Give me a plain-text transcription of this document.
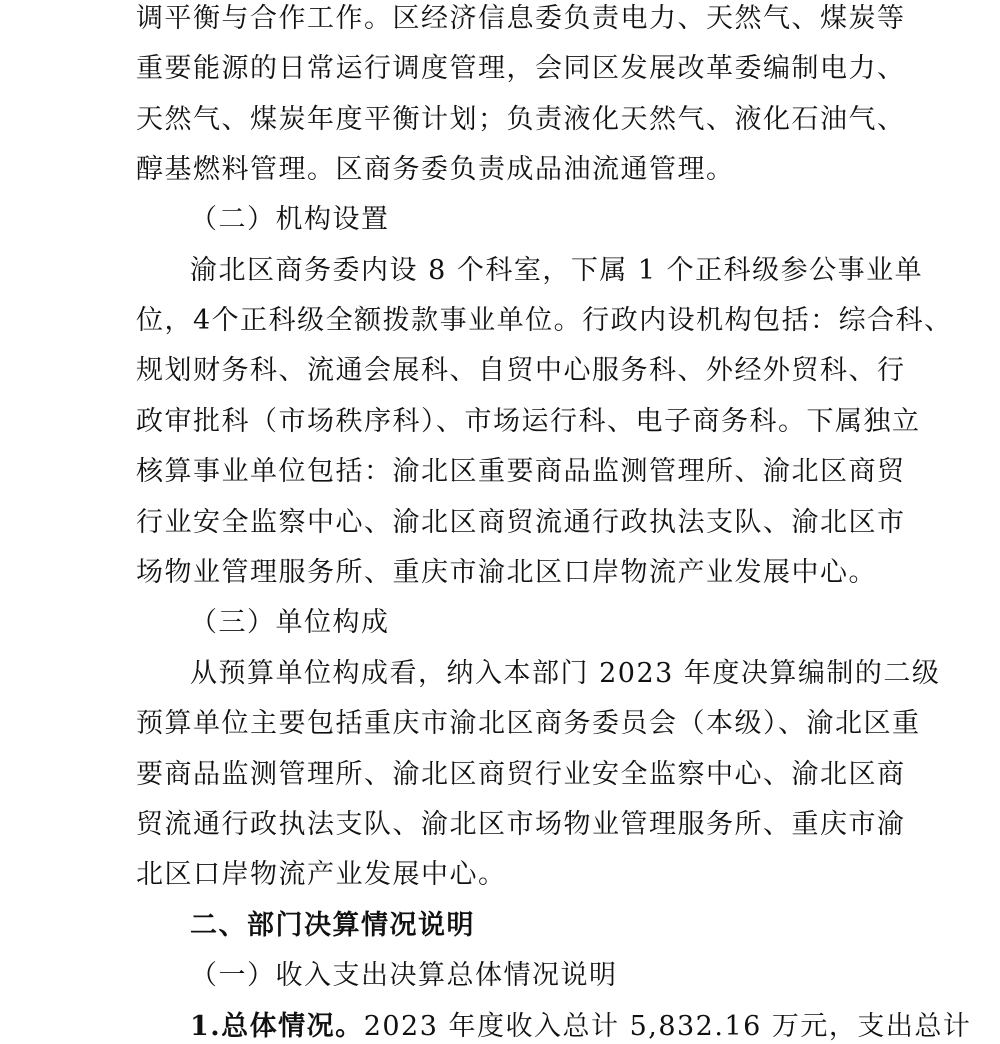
调平衡与合作工作。区经济信息委负责电力、天然气、煤炭等
重要能源的日常运行调度管理，会同区发展改革委编制电力、
天然气、煤炭年度平衡计划；负责液化天然气、液化石油气、
醇基燃料管理。区商务委负责成品油流通管理。
（二）机构设置
渝北区商务委内设 8 个科室，下属 1 个正科级参公事业单
位，4个正科级全额拨款事业单位。行政内设机构包括：综合科、
规划财务科、流通会展科、自贸中心服务科、外经外贸科、行
政审批科（市场秩序科）、市场运行科、电子商务科。下属独立
核算事业单位包括：渝北区重要商品监测管理所、渝北区商贸
行业安全监察中心、渝北区商贸流通行政执法支队、渝北区市
场物业管理服务所、重庆市渝北区口岸物流产业发展中心。
（三）单位构成
从预算单位构成看，纳入本部门 2023 年度决算编制的二级
预算单位主要包括重庆市渝北区商务委员会（本级）、渝北区重
要商品监测管理所、渝北区商贸行业安全监察中心、渝北区商
贸流通行政执法支队、渝北区市场物业管理服务所、重庆市渝
北区口岸物流产业发展中心。
二、部门决算情况说明
（一）收入支出决算总体情况说明
1.总体情况。2023 年度收入总计 5,832.16 万元，支出总计
